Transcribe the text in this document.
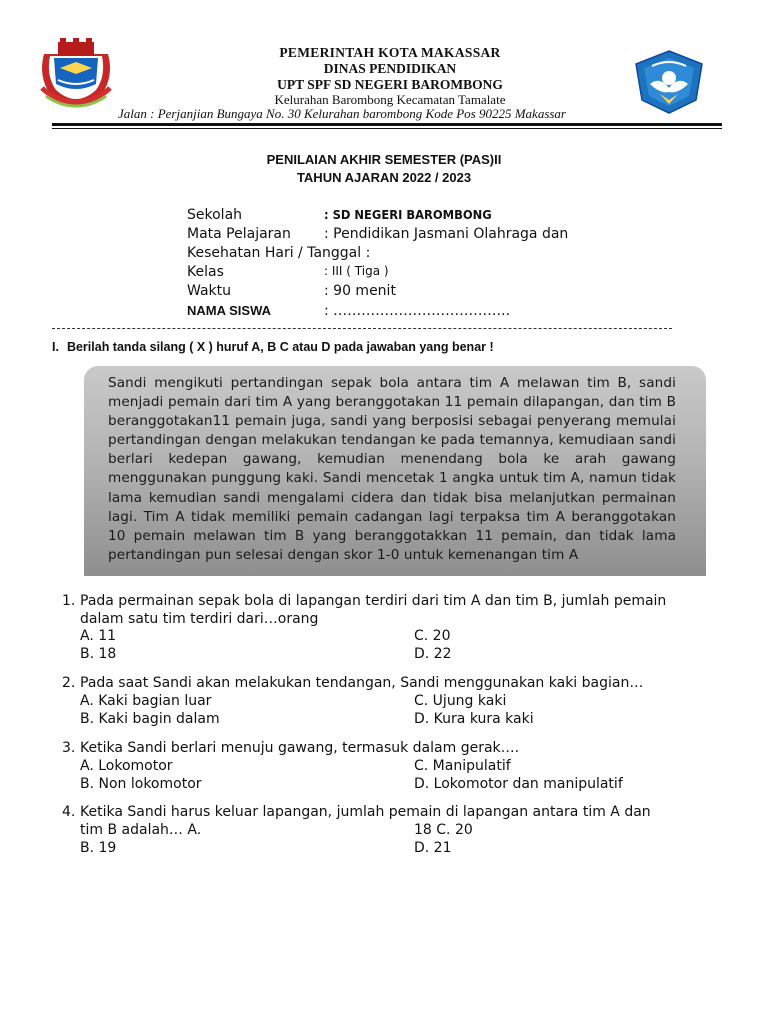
PEMERINTAH KOTA MAKASSAR
DINAS PENDIDIKAN
UPT SPF SD NEGERI BAROMBONG
Kelurahan Barombong Kecamatan Tamalate
Jalan : Perjanjian Bungaya No. 30 Kelurahan barombong Kode Pos 90225 Makassar
PENILAIAN AKHIR SEMESTER (PAS)II
TAHUN AJARAN 2022 / 2023
Sekolah	: SD NEGERI BAROMBONG
Mata Pelajaran : Pendidikan Jasmani Olahraga dan
Kesehatan Hari / Tanggal :
Kelas	: III ( Tiga )
Waktu	: 90 menit
NAMA SISWA	: ………………………………..
I. Berilah tanda silang ( X ) huruf A, B C atau D pada jawaban yang benar !
Sandi mengikuti pertandingan sepak bola antara tim A melawan tim B, sandi menjadi pemain dari tim A yang beranggotakan 11 pemain dilapangan, dan tim B beranggotakan11 pemain juga, sandi yang berposisi sebagai penyerang memulai pertandingan dengan melakukan tendangan ke pada temannya, kemudiaan sandi berlari kedepan gawang, kemudian menendang bola ke arah gawang menggunakan punggung kaki. Sandi mencetak 1 angka untuk tim A, namun tidak lama kemudian sandi mengalami cidera dan tidak bisa melanjutkan permainan lagi. Tim A tidak memiliki pemain cadangan lagi terpaksa tim A beranggotakan 10 pemain melawan tim B yang beranggotakkan 11 pemain, dan tidak lama pertandingan pun selesai dengan skor 1-0 untuk kemenangan tim A
1. Pada permainan sepak bola di lapangan terdiri dari tim A dan tim B, jumlah pemain dalam satu tim terdiri dari…orang
A. 11	C. 20
B. 18	D. 22
2. Pada saat Sandi akan melakukan tendangan, Sandi menggunakan kaki bagian…
A. Kaki bagian luar	C. Ujung kaki
B. Kaki bagin dalam	D. Kura kura kaki
3. Ketika Sandi berlari menuju gawang, termasuk dalam gerak….
A. Lokomotor	C. Manipulatif
B. Non lokomotor	D. Lokomotor dan manipulatif
4. Ketika Sandi harus keluar lapangan, jumlah pemain di lapangan antara tim A dan
tim B adalah… A.	18 C. 20
B. 19	D. 21
